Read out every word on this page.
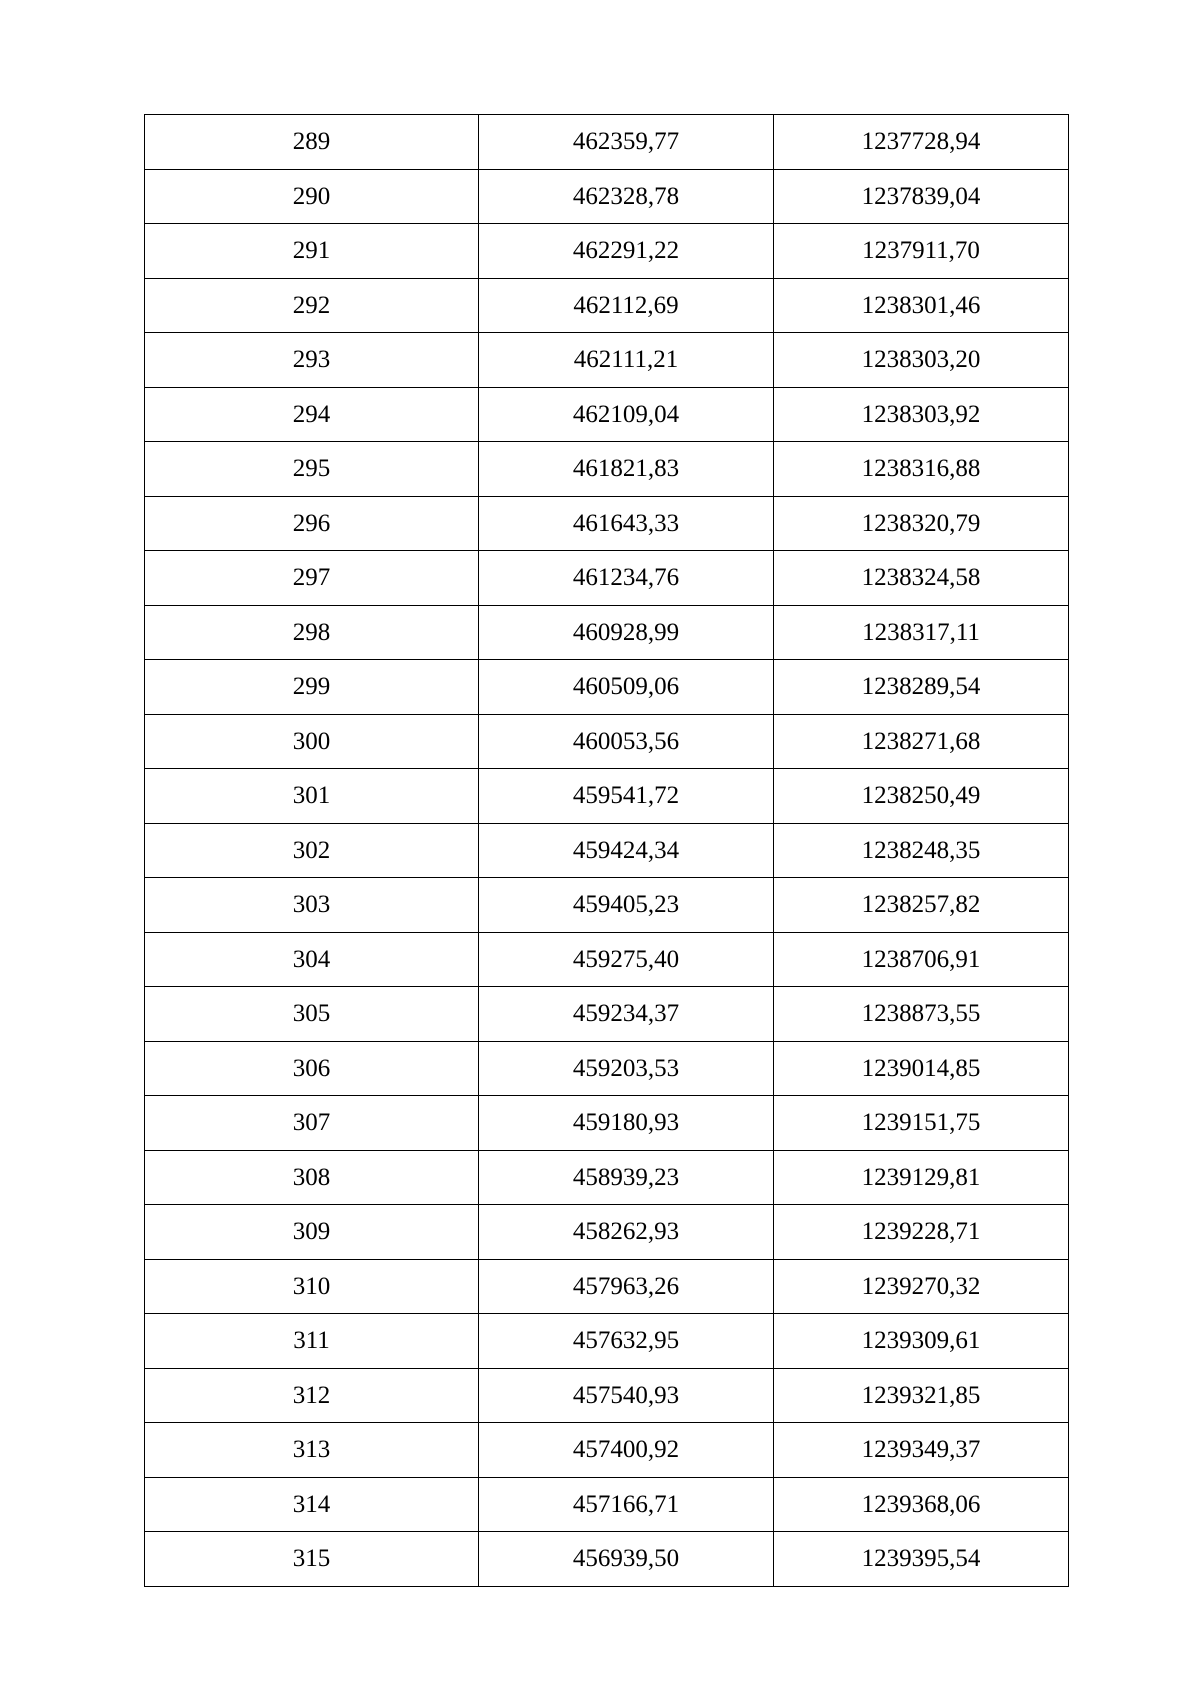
289	462359,77	1237728,94
290	462328,78	1237839,04
291	462291,22	1237911,70
292	462112,69	1238301,46
293	462111,21	1238303,20
294	462109,04	1238303,92
295	461821,83	1238316,88
296	461643,33	1238320,79
297	461234,76	1238324,58
298	460928,99	1238317,11
299	460509,06	1238289,54
300	460053,56	1238271,68
301	459541,72	1238250,49
302	459424,34	1238248,35
303	459405,23	1238257,82
304	459275,40	1238706,91
305	459234,37	1238873,55
306	459203,53	1239014,85
307	459180,93	1239151,75
308	458939,23	1239129,81
309	458262,93	1239228,71
310	457963,26	1239270,32
311	457632,95	1239309,61
312	457540,93	1239321,85
313	457400,92	1239349,37
314	457166,71	1239368,06
315	456939,50	1239395,54
